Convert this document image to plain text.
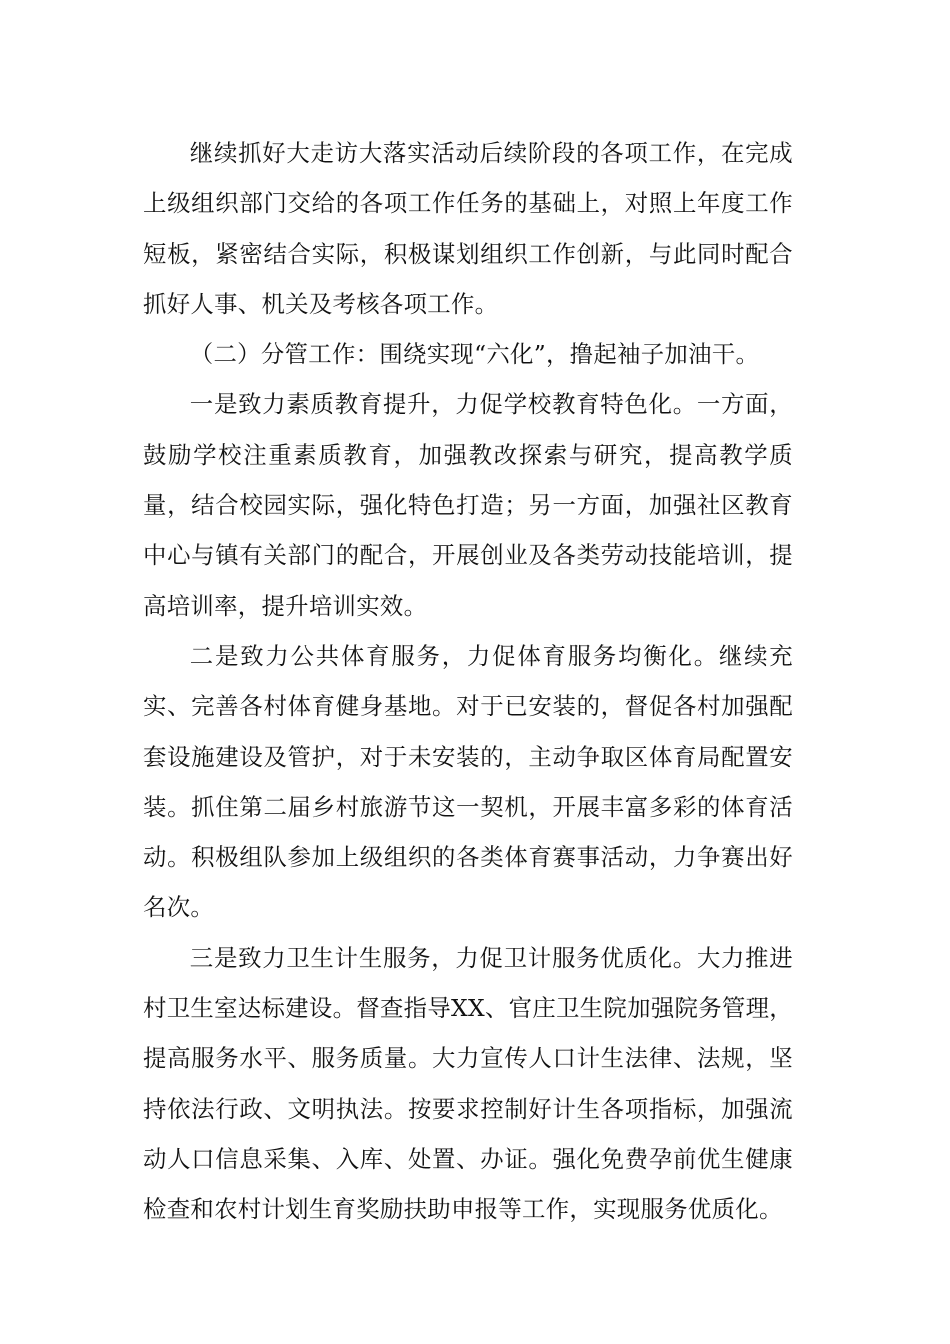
继续抓好大走访大落实活动后续阶段的各项工作，在完成上级组织部门交给的各项工作任务的基础上，对照上年度工作短板，紧密结合实际，积极谋划组织工作创新，与此同时配合抓好人事、机关及考核各项工作。

（二）分管工作：围绕实现“六化”，撸起袖子加油干。

一是致力素质教育提升，力促学校教育特色化。一方面，鼓励学校注重素质教育，加强教改探索与研究，提高教学质量，结合校园实际，强化特色打造；另一方面，加强社区教育中心与镇有关部门的配合，开展创业及各类劳动技能培训，提高培训率，提升培训实效。

二是致力公共体育服务，力促体育服务均衡化。继续充实、完善各村体育健身基地。对于已安装的，督促各村加强配套设施建设及管护，对于未安装的，主动争取区体育局配置安装。抓住第二届乡村旅游节这一契机，开展丰富多彩的体育活动。积极组队参加上级组织的各类体育赛事活动，力争赛出好名次。

三是致力卫生计生服务，力促卫计服务优质化。大力推进村卫生室达标建设。督查指导XX、官庄卫生院加强院务管理，提高服务水平、服务质量。大力宣传人口计生法律、法规，坚持依法行政、文明执法。按要求控制好计生各项指标，加强流动人口信息采集、入库、处置、办证。强化免费孕前优生健康检查和农村计划生育奖励扶助申报等工作，实现服务优质化。
